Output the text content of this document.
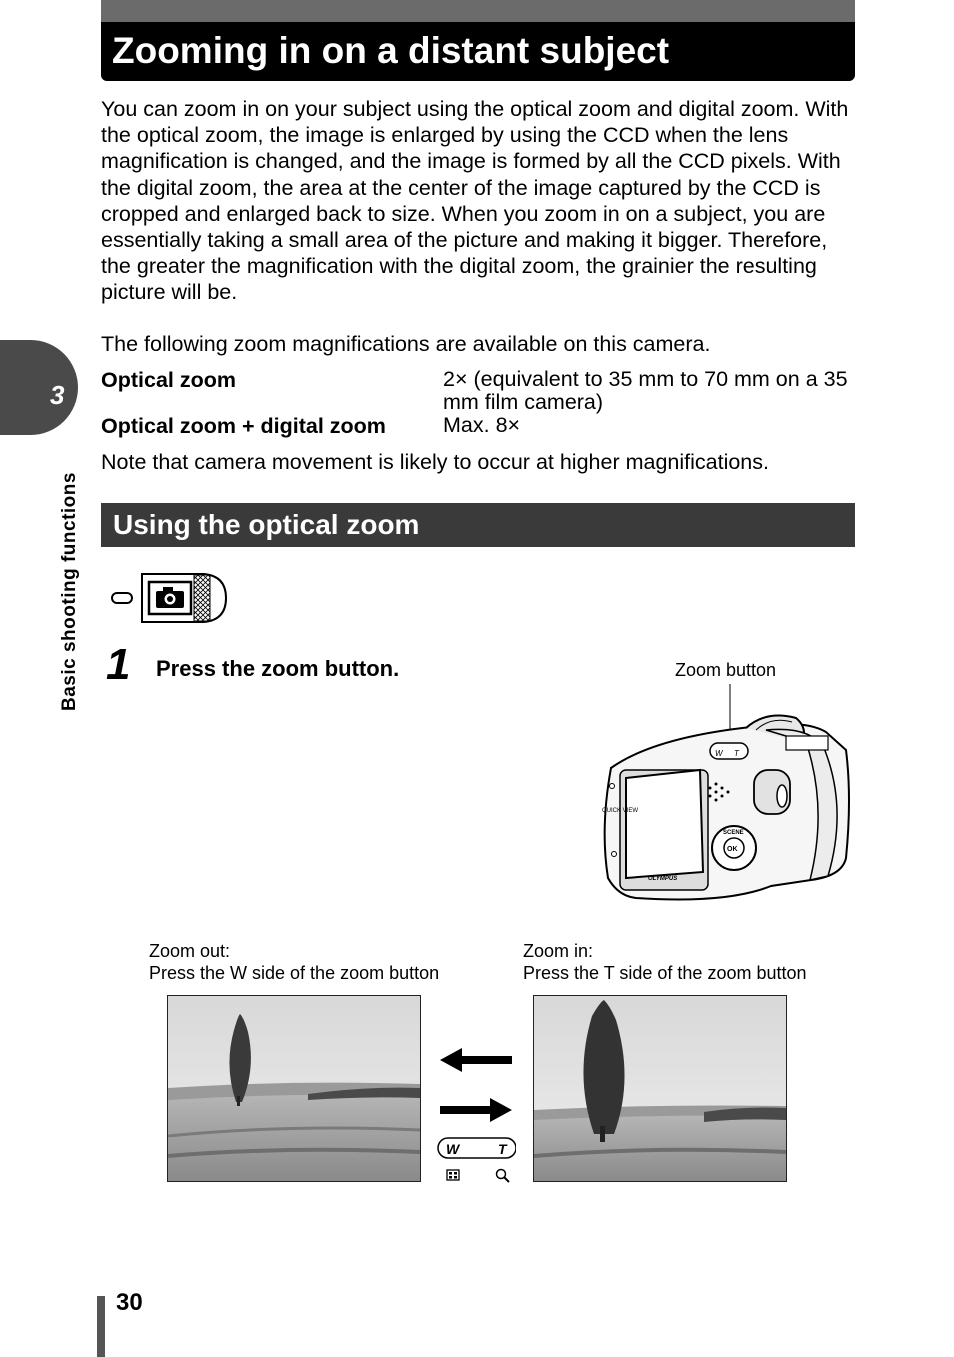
Zooming in on a distant subject

You can zoom in on your subject using the optical zoom and digital zoom. With the optical zoom, the image is enlarged by using the CCD when the lens magnification is changed, and the image is formed by all the CCD pixels. With the digital zoom, the area at the center of the image captured by the CCD is cropped and enlarged back to size. When you zoom in on a subject, you are essentially taking a small area of the picture and making it bigger. Therefore, the greater the magnification with the digital zoom, the grainier the resulting picture will be.

The following zoom magnifications are available on this camera.

Optical zoom	2× (equivalent to 35 mm to 70 mm on a 35 mm film camera)
Optical zoom + digital zoom	Max. 8×

Note that camera movement is likely to occur at higher magnifications.

Using the optical zoom
3
Basic shooting functions 1 Press the zoom button.	Zoom button
W T
OK
SCENE
QUICK VIEW
OLYMPUS
Zoom out:
Press the W side of the zoom button
Zoom in:
Press the T side of the zoom button
W	T
30
